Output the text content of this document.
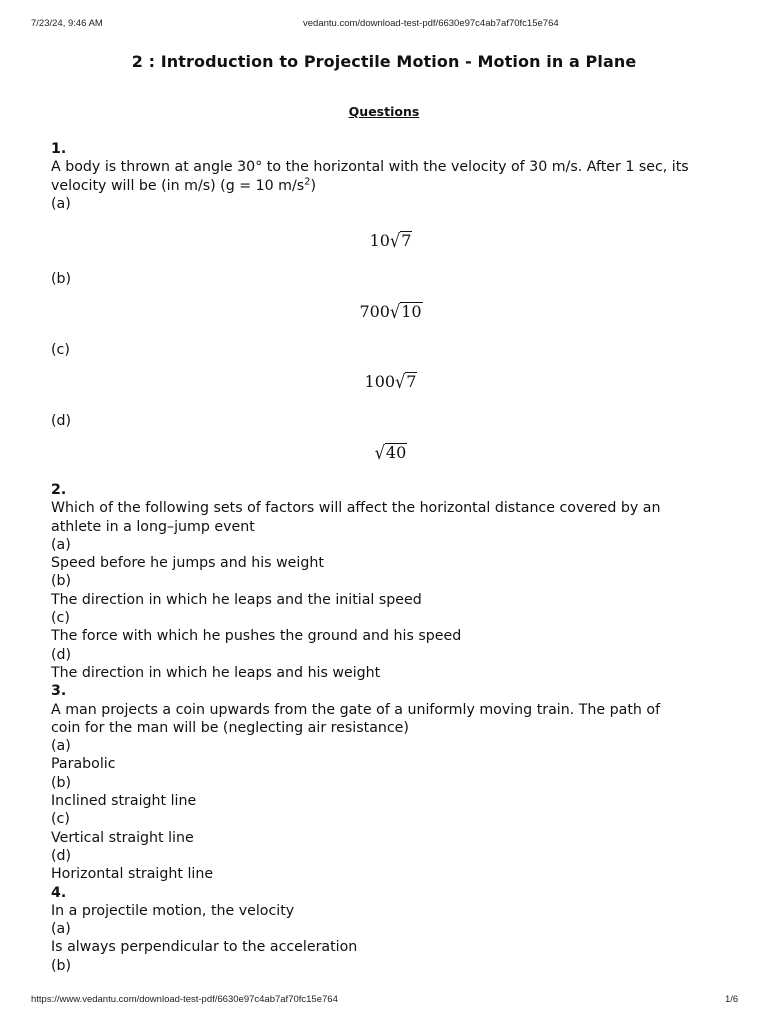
7/23/24, 9:46 AM	vedantu.com/download-test-pdf/6630e97c4ab7af70fc15e764
2 : Introduction to Projectile Motion - Motion in a Plane
Questions
1.
A body is thrown at angle 30° to the horizontal with the velocity of 30 m/s. After 1 sec, its
velocity will be (in m/s) (g = 10 $m/s^2$)
(a)
10√7
(b)
700√10
(c)
100√7
(d)
√40
2.
Which of the following sets of factors will affect the horizontal distance covered by an
athlete in a long–jump event
(a)
Speed before he jumps and his weight
(b)
The direction in which he leaps and the initial speed
(c)
The force with which he pushes the ground and his speed
(d)
The direction in which he leaps and his weight
3.
A man projects a coin upwards from the gate of a uniformly moving train. The path of
coin for the man will be (neglecting air resistance)
(a)
Parabolic
(b)
Inclined straight line
(c)
Vertical straight line
(d)
Horizontal straight line
4.
In a projectile motion, the velocity
(a)
Is always perpendicular to the acceleration
(b)
https://www.vedantu.com/download-test-pdf/6630e97c4ab7af70fc15e764	1/6
